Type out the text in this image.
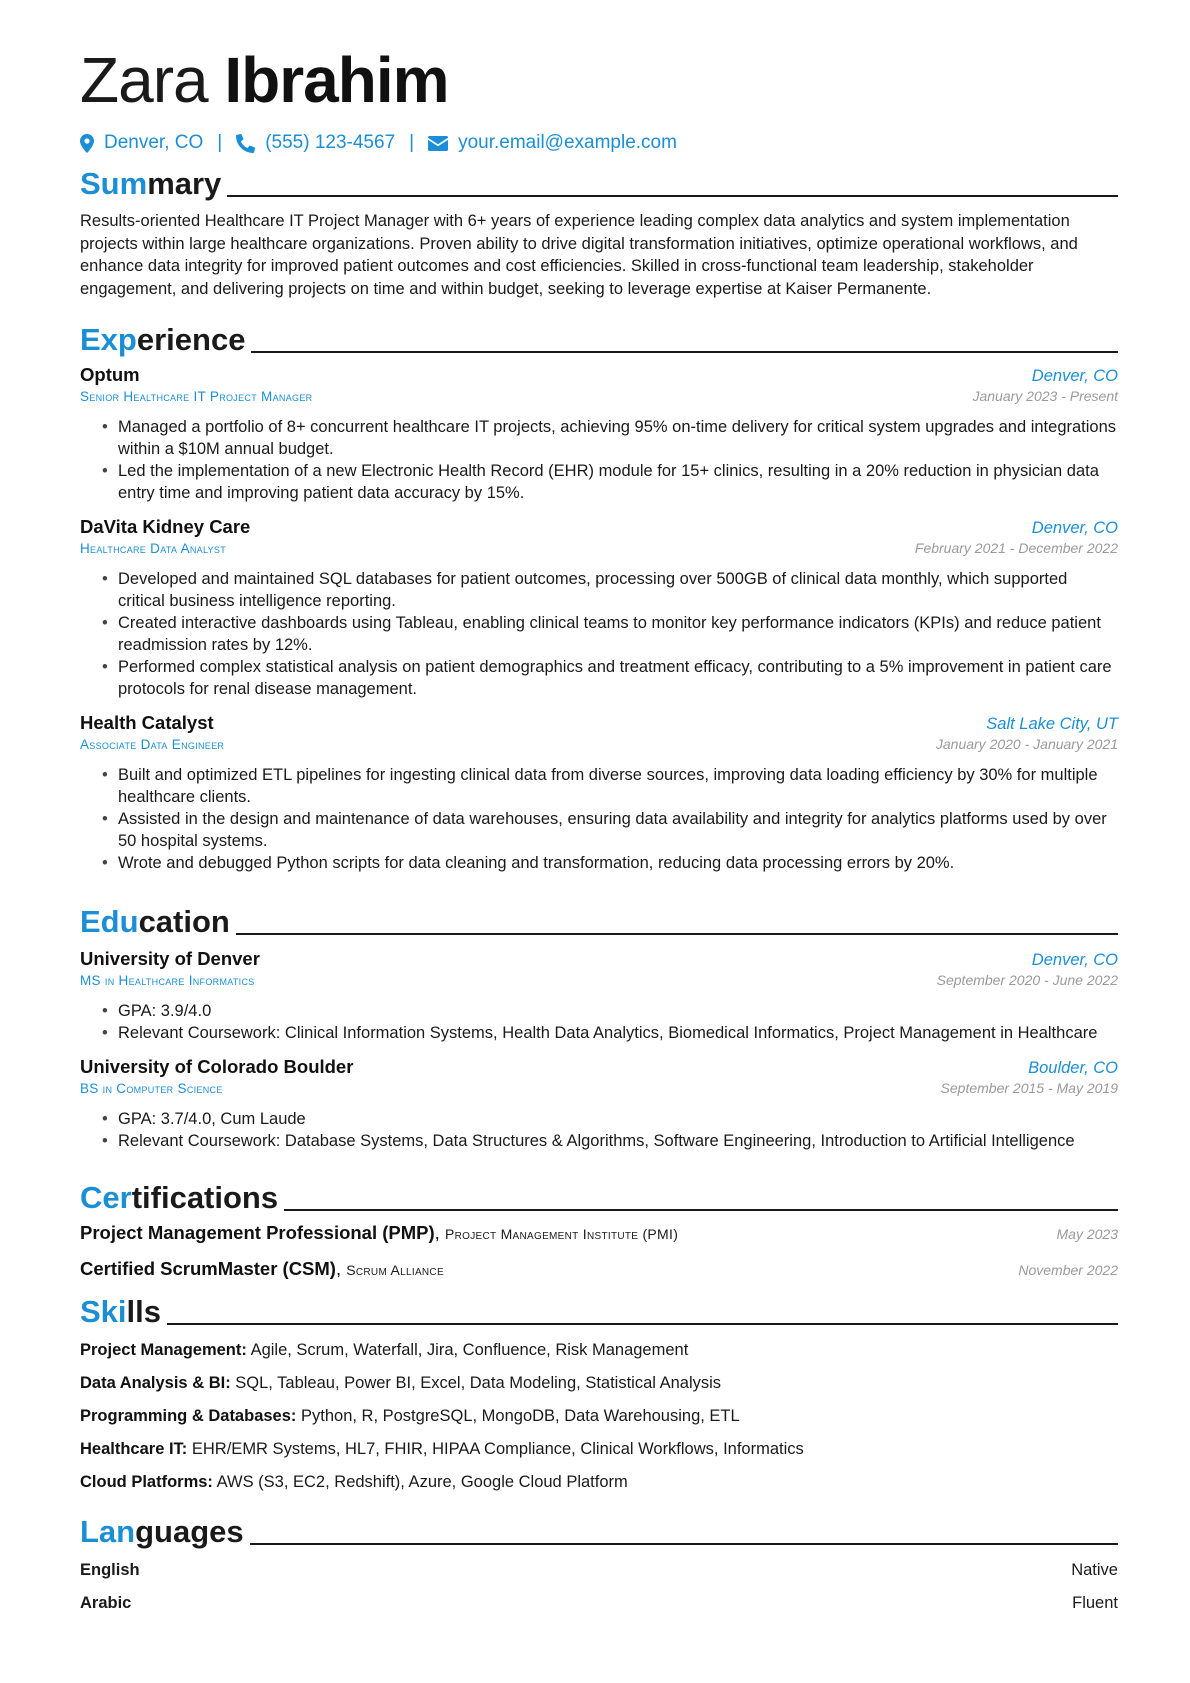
Zara Ibrahim
Denver, CO | (555) 123-4567 | your.email@example.com
Summary
Results-oriented Healthcare IT Project Manager with 6+ years of experience leading complex data analytics and system implementation projects within large healthcare organizations. Proven ability to drive digital transformation initiatives, optimize operational workflows, and enhance data integrity for improved patient outcomes and cost efficiencies. Skilled in cross-functional team leadership, stakeholder engagement, and delivering projects on time and within budget, seeking to leverage expertise at Kaiser Permanente.
Experience
Optum	Denver, CO
Senior Healthcare IT Project Manager	January 2023 - Present
• Managed a portfolio of 8+ concurrent healthcare IT projects, achieving 95% on-time delivery for critical system upgrades and integrations within a $10M annual budget.
• Led the implementation of a new Electronic Health Record (EHR) module for 15+ clinics, resulting in a 20% reduction in physician data entry time and improving patient data accuracy by 15%.
DaVita Kidney Care	Denver, CO
Healthcare Data Analyst	February 2021 - December 2022
• Developed and maintained SQL databases for patient outcomes, processing over 500GB of clinical data monthly, which supported critical business intelligence reporting.
• Created interactive dashboards using Tableau, enabling clinical teams to monitor key performance indicators (KPIs) and reduce patient readmission rates by 12%.
• Performed complex statistical analysis on patient demographics and treatment efficacy, contributing to a 5% improvement in patient care protocols for renal disease management.
Health Catalyst	Salt Lake City, UT
Associate Data Engineer	January 2020 - January 2021
• Built and optimized ETL pipelines for ingesting clinical data from diverse sources, improving data loading efficiency by 30% for multiple healthcare clients.
• Assisted in the design and maintenance of data warehouses, ensuring data availability and integrity for analytics platforms used by over 50 hospital systems.
• Wrote and debugged Python scripts for data cleaning and transformation, reducing data processing errors by 20%.
Education
University of Denver	Denver, CO
MS in Healthcare Informatics	September 2020 - June 2022
• GPA: 3.9/4.0
• Relevant Coursework: Clinical Information Systems, Health Data Analytics, Biomedical Informatics, Project Management in Healthcare
University of Colorado Boulder	Boulder, CO
BS in Computer Science	September 2015 - May 2019
• GPA: 3.7/4.0, Cum Laude
• Relevant Coursework: Database Systems, Data Structures & Algorithms, Software Engineering, Introduction to Artificial Intelligence
Certifications
Project Management Professional (PMP), Project Management Institute (PMI)	May 2023
Certified ScrumMaster (CSM), Scrum Alliance	November 2022
Skills
Project Management: Agile, Scrum, Waterfall, Jira, Confluence, Risk Management
Data Analysis & BI: SQL, Tableau, Power BI, Excel, Data Modeling, Statistical Analysis
Programming & Databases: Python, R, PostgreSQL, MongoDB, Data Warehousing, ETL
Healthcare IT: EHR/EMR Systems, HL7, FHIR, HIPAA Compliance, Clinical Workflows, Informatics
Cloud Platforms: AWS (S3, EC2, Redshift), Azure, Google Cloud Platform
Languages
English	Native
Arabic	Fluent
